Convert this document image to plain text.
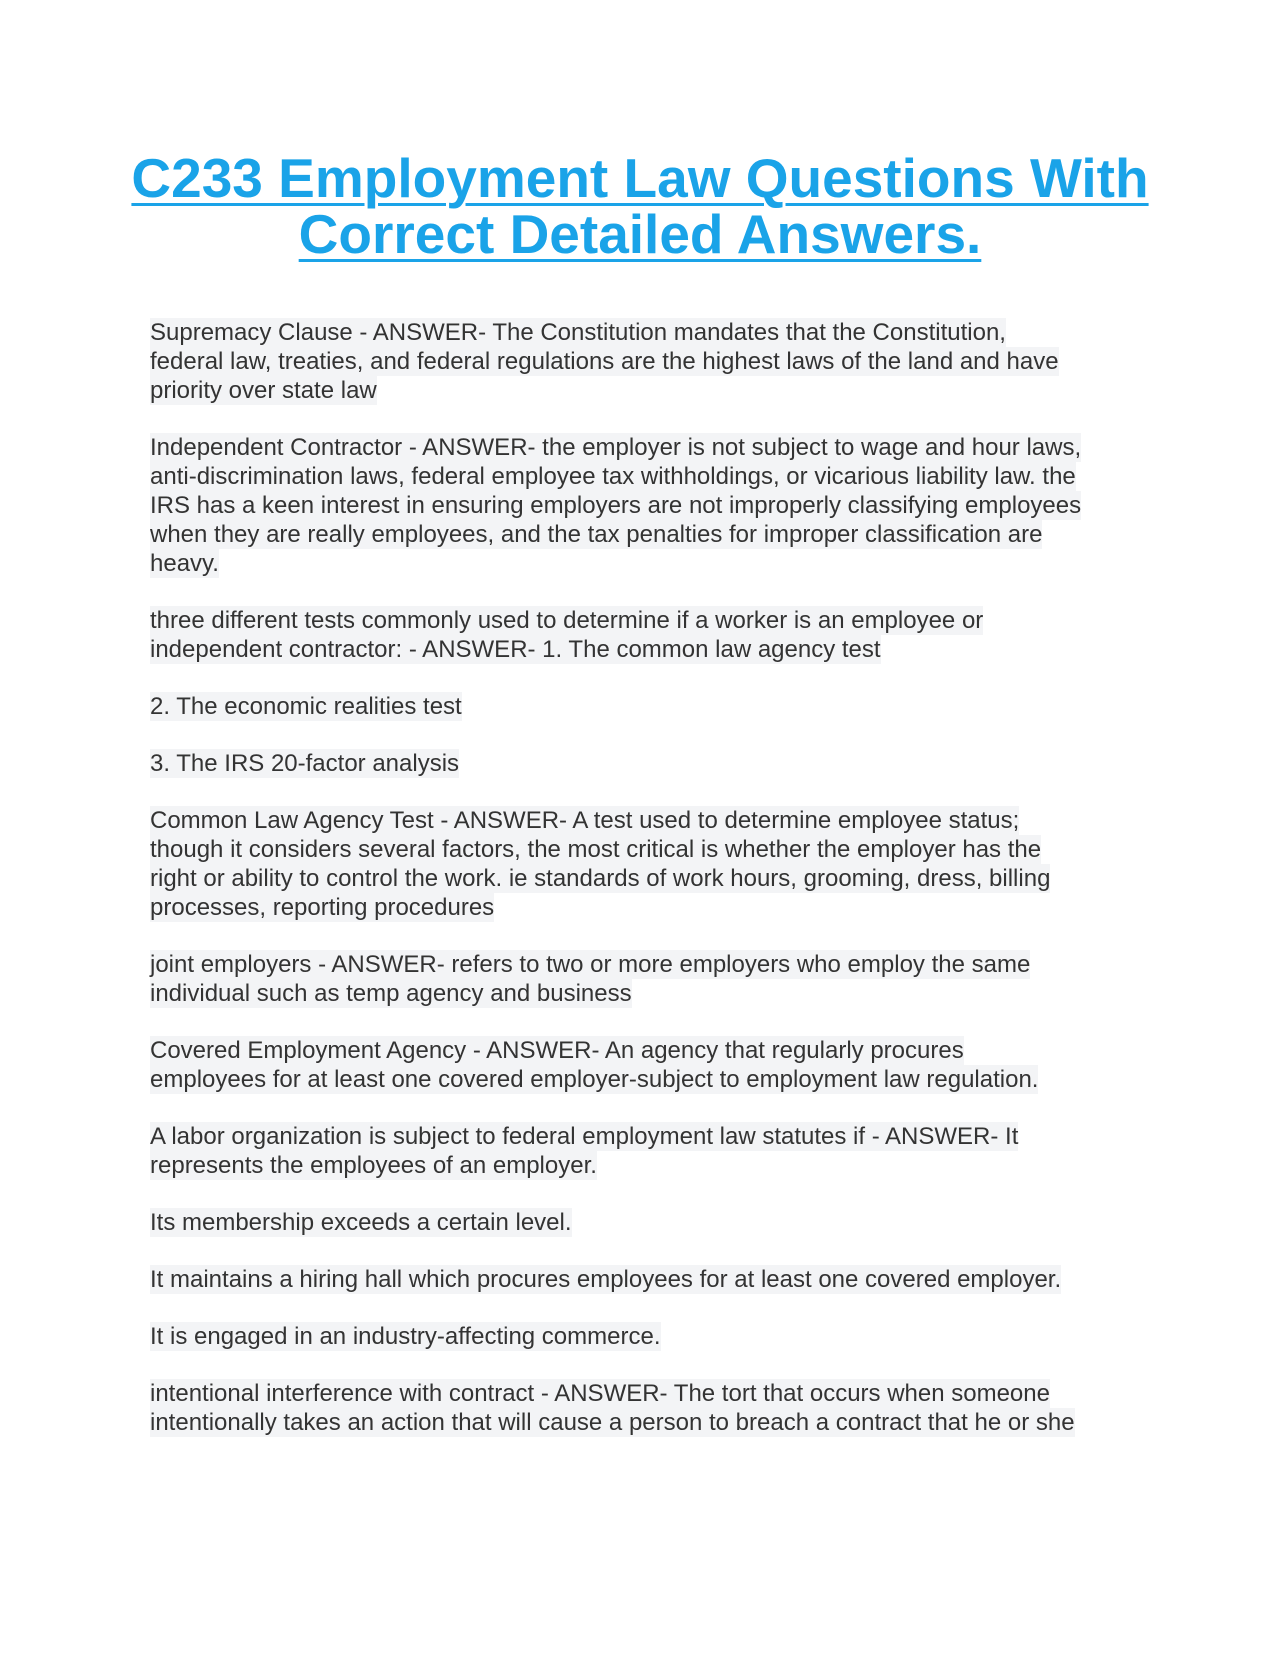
C233 Employment Law Questions With
Correct Detailed Answers.
Supremacy Clause - ANSWER- The Constitution mandates that the Constitution,
federal law, treaties, and federal regulations are the highest laws of the land and have
priority over state law
Independent Contractor - ANSWER- the employer is not subject to wage and hour laws,
anti-discrimination laws, federal employee tax withholdings, or vicarious liability law. the
IRS has a keen interest in ensuring employers are not improperly classifying employees
when they are really employees, and the tax penalties for improper classification are
heavy.
three different tests commonly used to determine if a worker is an employee or
independent contractor: - ANSWER- 1. The common law agency test
2. The economic realities test
3. The IRS 20-factor analysis
Common Law Agency Test - ANSWER- A test used to determine employee status;
though it considers several factors, the most critical is whether the employer has the
right or ability to control the work. ie standards of work hours, grooming, dress, billing
processes, reporting procedures
joint employers - ANSWER- refers to two or more employers who employ the same
individual such as temp agency and business
Covered Employment Agency - ANSWER- An agency that regularly procures
employees for at least one covered employer-subject to employment law regulation.
A labor organization is subject to federal employment law statutes if - ANSWER- It
represents the employees of an employer.
Its membership exceeds a certain level.
It maintains a hiring hall which procures employees for at least one covered employer.
It is engaged in an industry-affecting commerce.
intentional interference with contract - ANSWER- The tort that occurs when someone
intentionally takes an action that will cause a person to breach a contract that he or she
